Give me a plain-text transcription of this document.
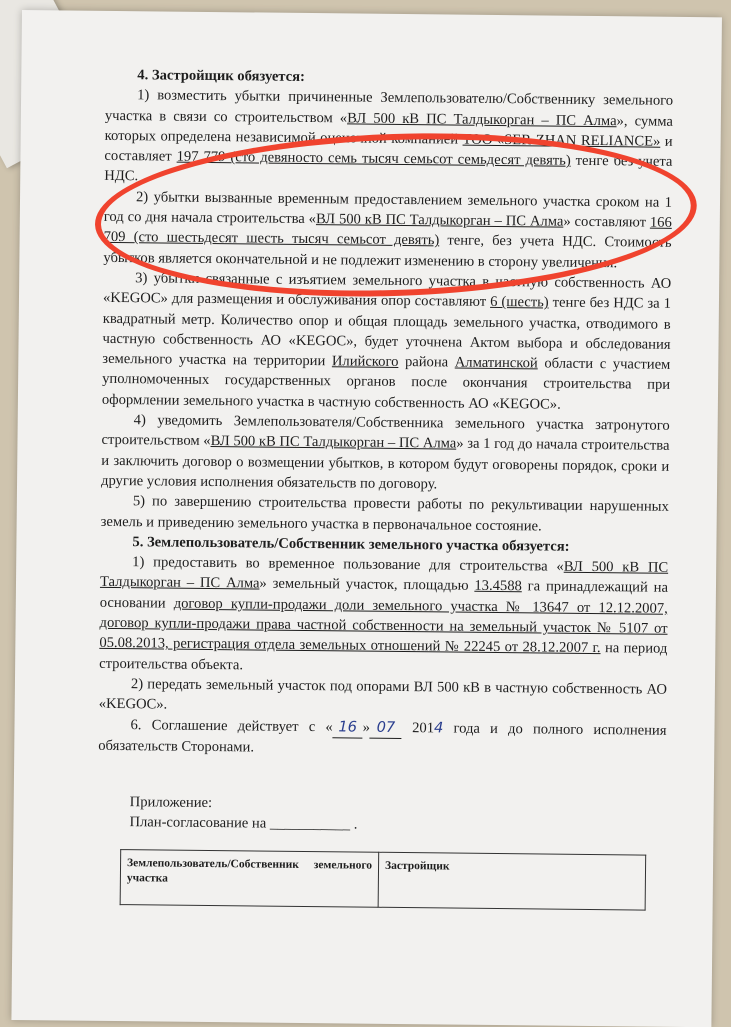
4. Застройщик обязуется:

1) возместить убытки причиненные Землепользователю/Собственнику земельного участка в связи со строительством «ВЛ 500 кВ ПС Талдыкорган – ПС Алма», сумма которых определена независимой оценочной компанией ТОО «SER-ZHAN RELIANCE» и составляет 197 779 (сто девяносто семь тысяч семьсот семьдесят девять) тенге без учета НДС.

2) убытки вызванные временным предоставлением земельного участка сроком на 1 год со дня начала строительства «ВЛ 500 кВ ПС Талдыкорган – ПС Алма» составляют 166 709 (сто шестьдесят шесть тысяч семьсот девять) тенге, без учета НДС. Стоимость убытков является окончательной и не подлежит изменению в сторону увеличения.

3) убытки связанные с изъятием земельного участка в частную собственность АО «KEGOC» для размещения и обслуживания опор составляют 6 (шесть) тенге без НДС за 1 квадратный метр. Количество опор и общая площадь земельного участка, отводимого в частную собственность АО «KEGOC», будет уточнена Актом выбора и обследования земельного участка на территории Илийского района Алматинской области с участием уполномоченных государственных органов после окончания строительства при оформлении земельного участка в частную собственность АО «KEGOC».

4) уведомить Землепользователя/Собственника земельного участка затронутого строительством «ВЛ 500 кВ ПС Талдыкорган – ПС Алма» за 1 год до начала строительства и заключить договор о возмещении убытков, в котором будут оговорены порядок, сроки и другие условия исполнения обязательств по договору.

5) по завершению строительства провести работы по рекультивации нарушенных земель и приведению земельного участка в первоначальное состояние.

5. Землепользователь/Собственник земельного участка обязуется:

1) предоставить во временное пользование для строительства «ВЛ 500 кВ ПС Талдыкорган – ПС Алма» земельный участок, площадью 13.4588 га принадлежащий на основании договор купли-продажи доли земельного участка № 13647 от 12.12.2007, договор купли-продажи права частной собственности на земельный участок № 5107 от 05.08.2013, регистрация отдела земельных отношений № 22245 от 28.12.2007 г. на период строительства объекта.

2) передать земельный участок под опорами ВЛ 500 кВ в частную собственность АО «KEGOC».

6. Соглашение действует с « 16 » 07 2014 года и до полного исполнения обязательств Сторонами.

Приложение:

План-согласование на ___________ .

Землепользователь/Собственник земельного участка	Застройщик
